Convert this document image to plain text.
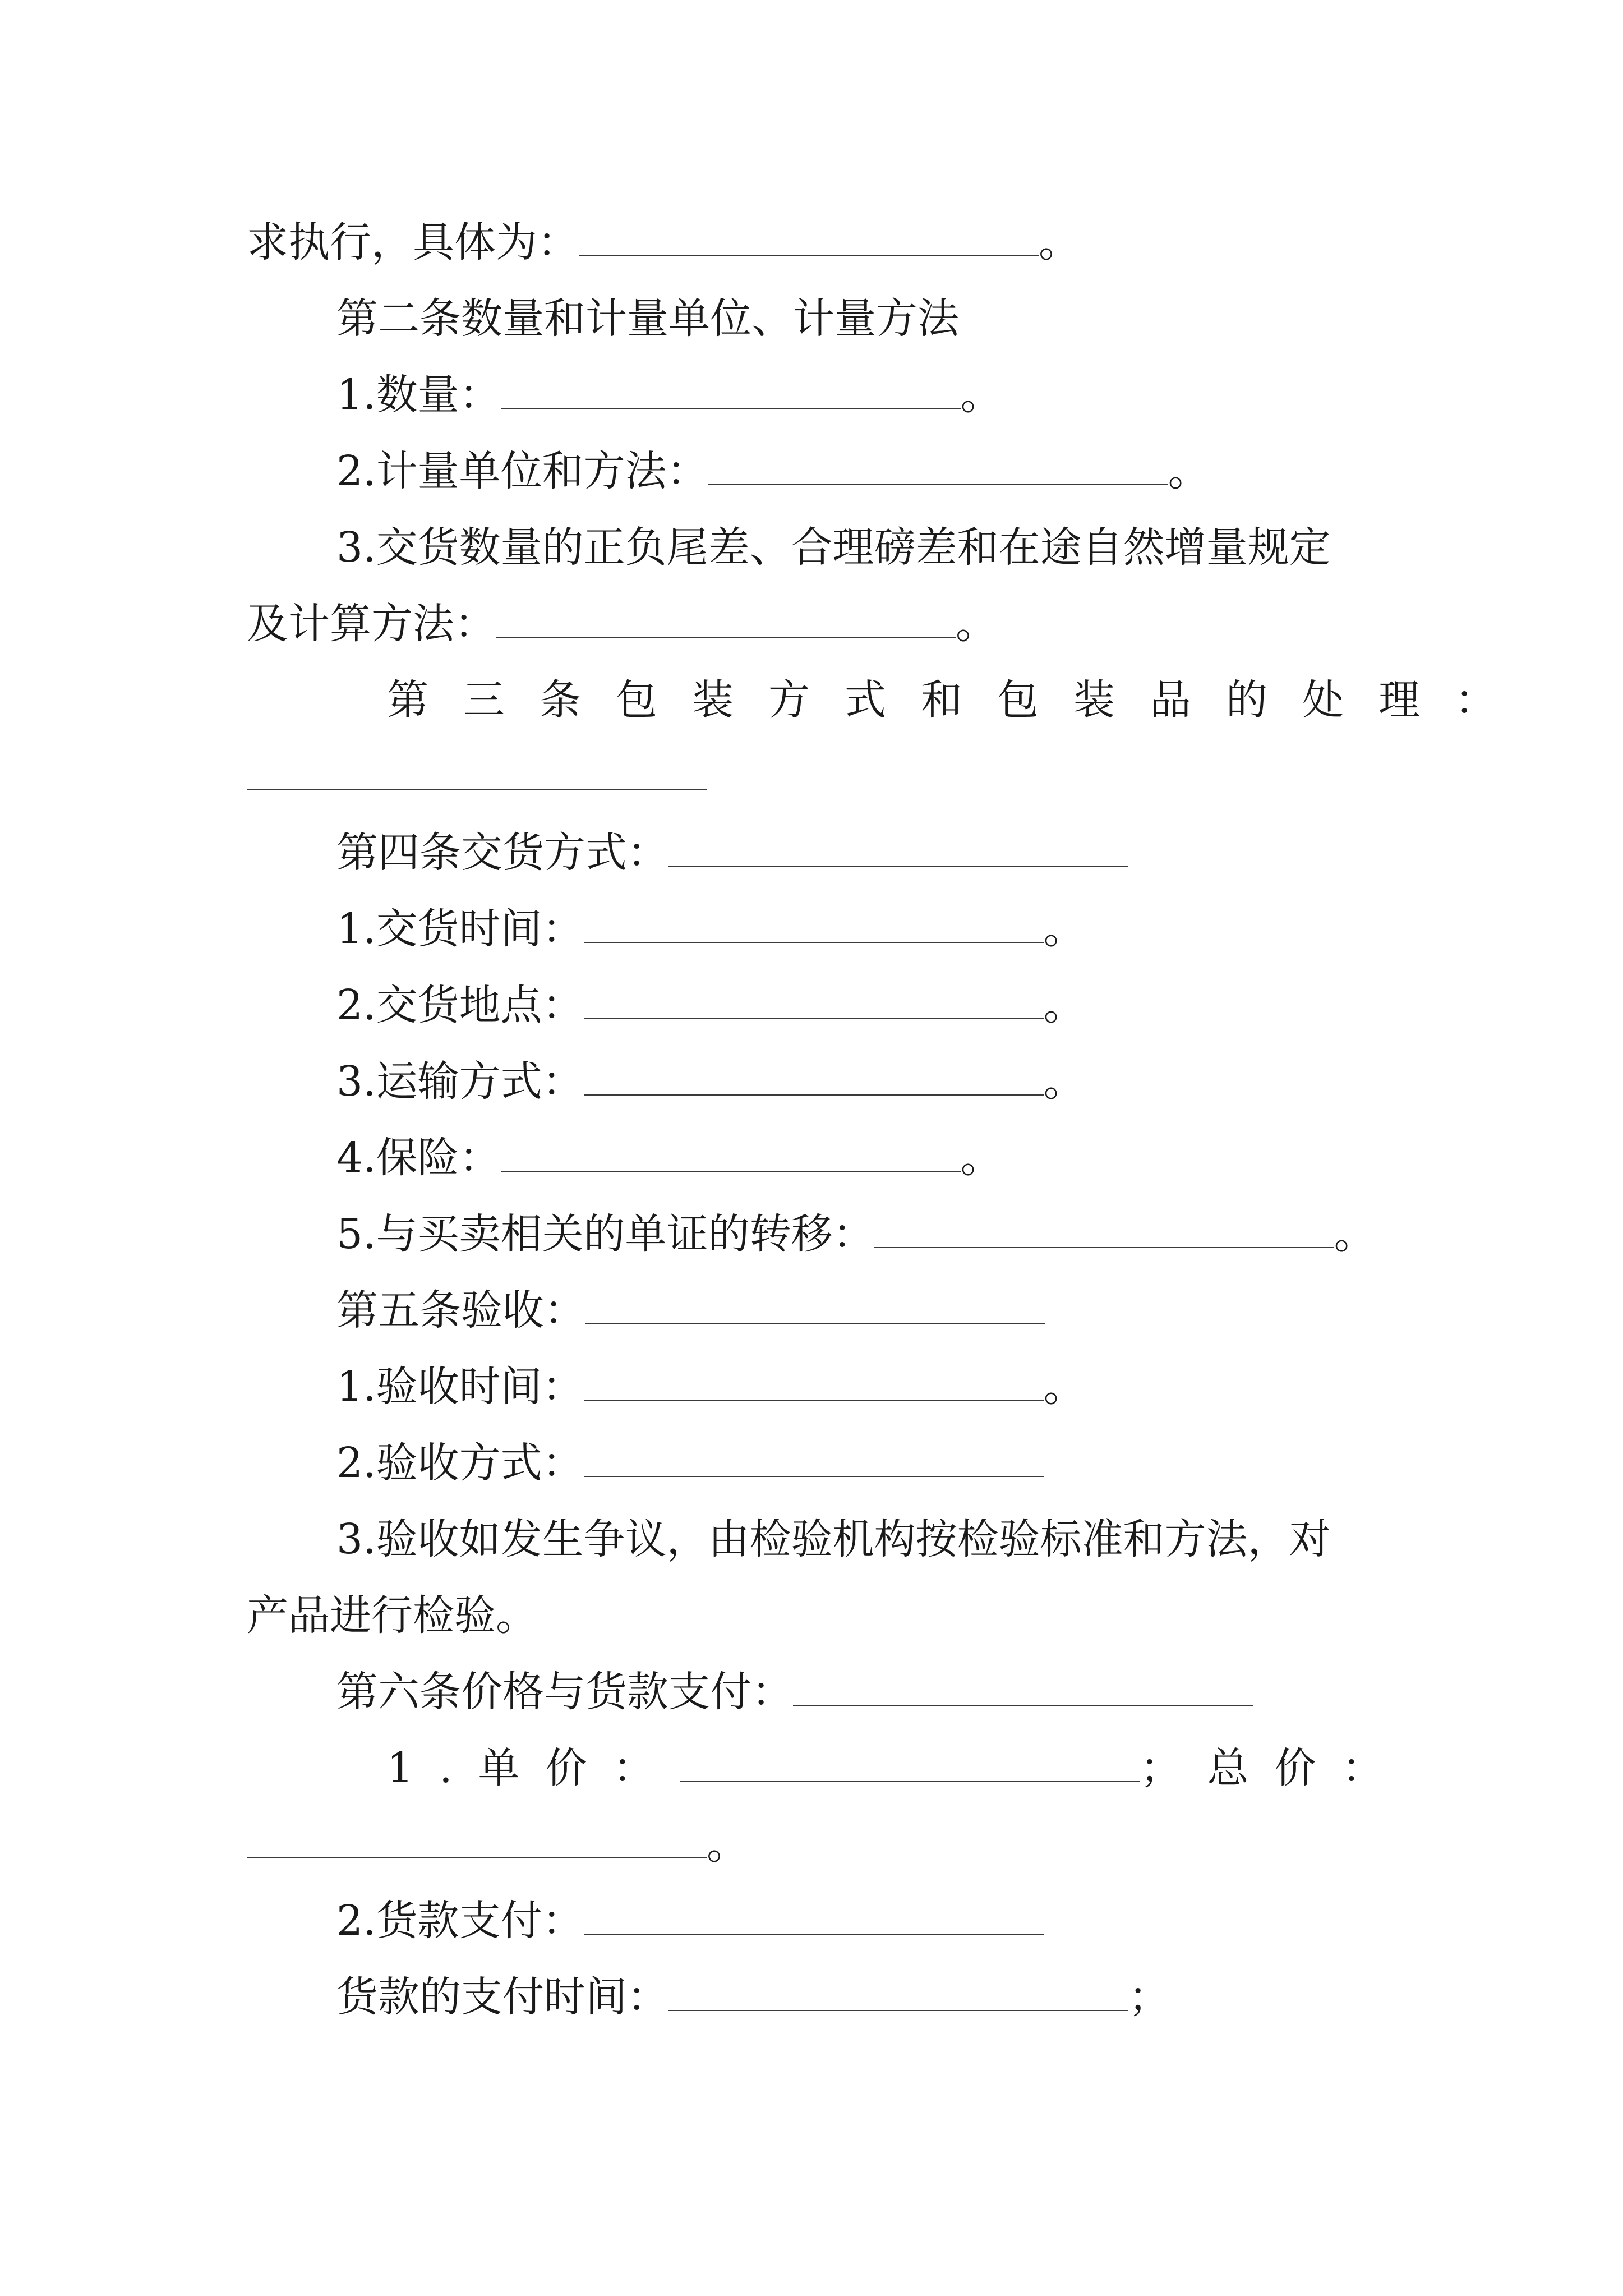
求执行，具体为：	。

第二条数量和计量单位、计量方法

1.数量：	。

2.计量单位和方法：	。

3.交货数量的正负尾差、合理磅差和在途自然增量规定

及计算方法：	。

第三条包装方式和包装品的处理：

第四条交货方式：

1.交货时间：	。

2.交货地点：	。

3.运输方式：	。

4.保险：	。

5.与买卖相关的单证的转移：	。

第五条验收：

1.验收时间：	。

2.验收方式：

3.验收如发生争议，由检验机构按检验标准和方法，对

产品进行检验。

第六条价格与货款支付：

1.单价：	；总价：

。

2.货款支付：

货款的支付时间：	；
